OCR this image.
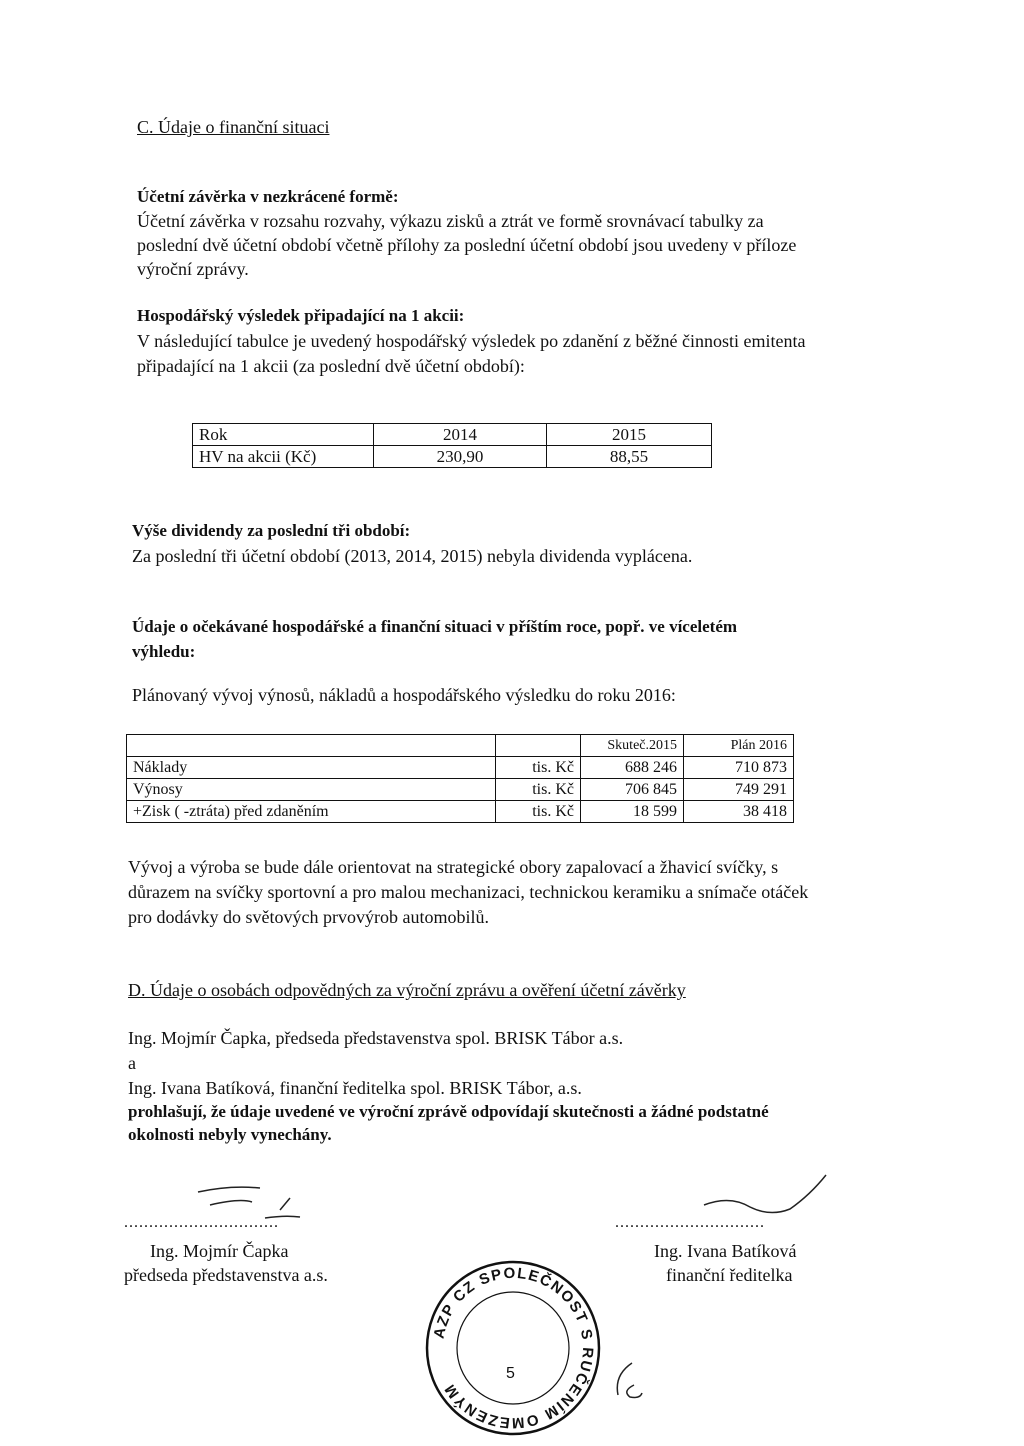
C. Údaje o finanční situaci
Účetní závěrka v nezkrácené formě:
Účetní závěrka v rozsahu rozvahy, výkazu zisků a ztrát ve formě srovnávací tabulky za
poslední dvě účetní období včetně přílohy za poslední účetní období jsou uvedeny v příloze
výroční zprávy.
Hospodářský výsledek připadající na 1 akcii:
V následující tabulce je uvedený hospodářský výsledek po zdanění z běžné činnosti emitenta
připadající na 1 akcii (za poslední dvě účetní období):
Rok	2014	2015
HV na akcii (Kč)	230,90	88,55
Výše dividendy za poslední tři období:
Za poslední tři účetní období (2013, 2014, 2015) nebyla dividenda vyplácena.
Údaje o očekávané hospodářské a finanční situaci v příštím roce, popř. ve víceletém
výhledu:
Plánovaný vývoj výnosů, nákladů a hospodářského výsledku do roku 2016:
		Skuteč.2015	Plán 2016
Náklady	tis. Kč	688 246	710 873
Výnosy	tis. Kč	706 845	749 291
+Zisk ( -ztráta) před zdaněním	tis. Kč	18 599	38 418
Vývoj a výroba se bude dále orientovat na strategické obory zapalovací a žhavicí svíčky, s
důrazem na svíčky sportovní a pro malou mechanizaci, technickou keramiku a snímače otáček
pro dodávky do světových prvovýrob automobilů.
D. Údaje o osobách odpovědných za výroční zprávu a ověření účetní závěrky
Ing. Mojmír Čapka, předseda představenstva spol. BRISK Tábor a.s.
a
Ing. Ivana Batíková, finanční ředitelka spol. BRISK Tábor, a.s.
prohlašují, že údaje uvedené ve výroční zprávě odpovídají skutečnosti a žádné podstatné
okolnosti nebyly vynechány.
...............................
Ing. Mojmír Čapka
předseda představenstva a.s.
..............................
Ing. Ivana Batíková
finanční ředitelka
AZP CZ SPOLEČNOST S RUČENÍM OMEZENÝM
5
